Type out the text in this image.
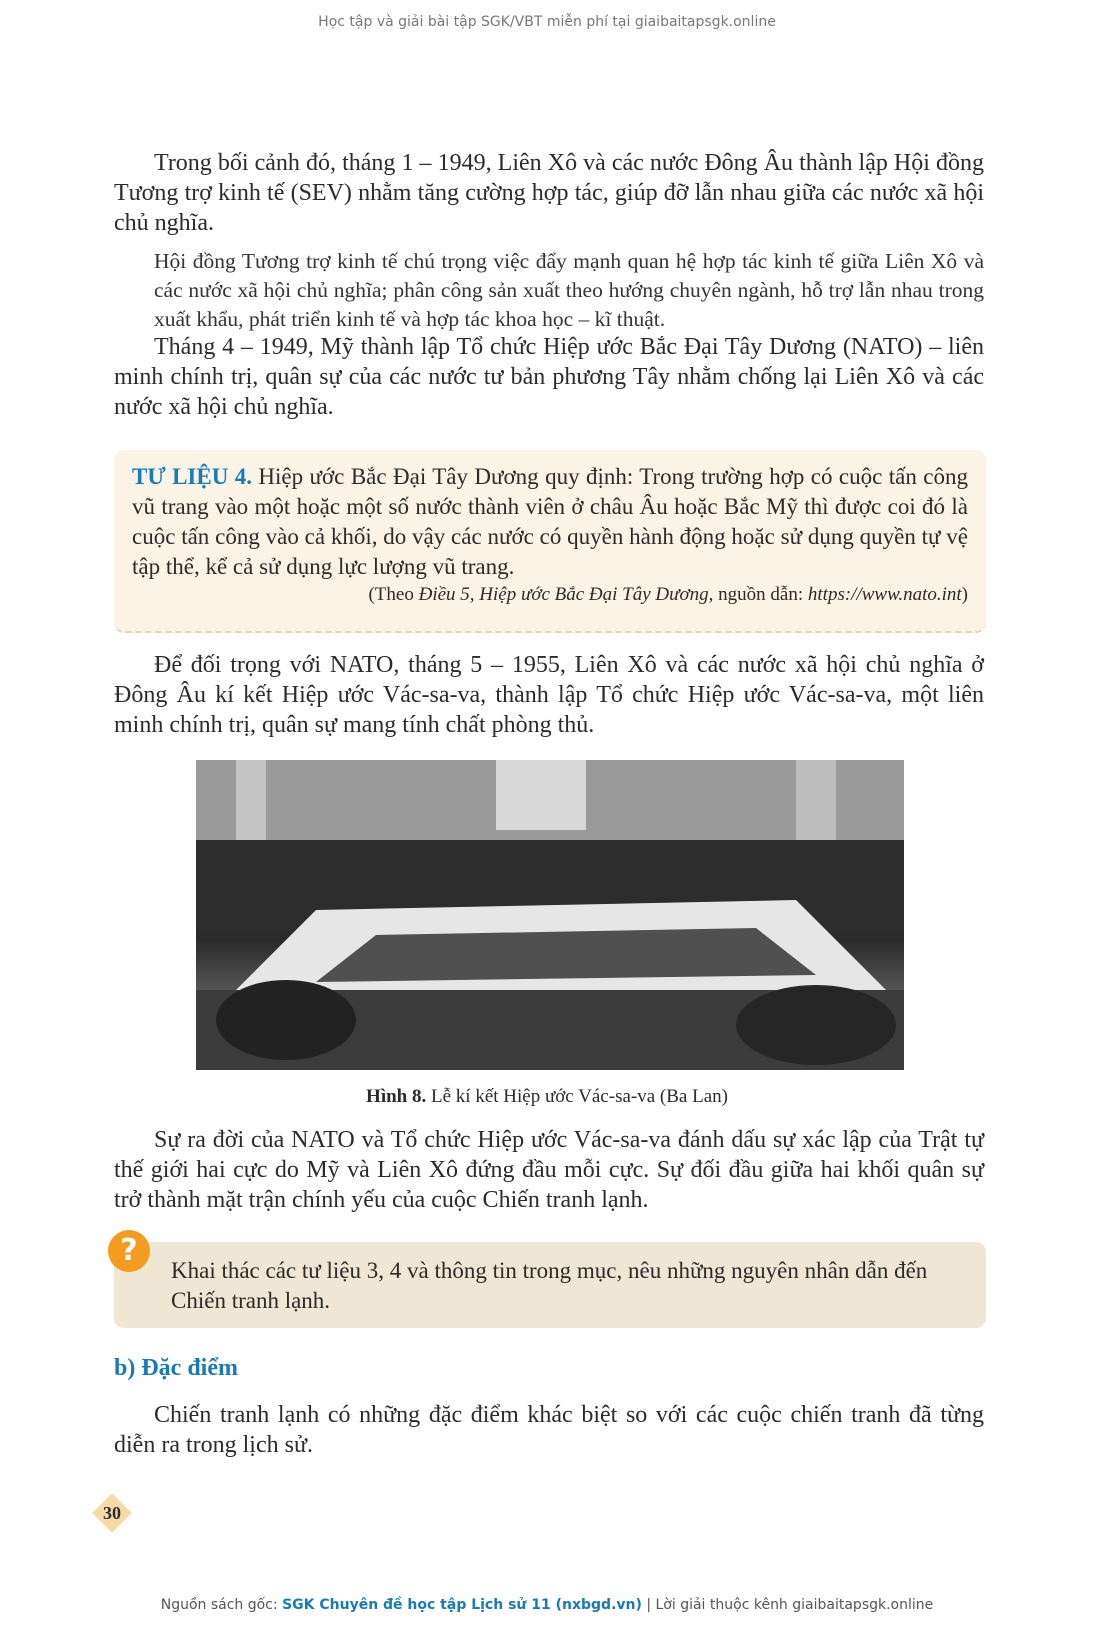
Học tập và giải bài tập SGK/VBT miễn phí tại giaibaitapsgk.online

Trong bối cảnh đó, tháng 1 – 1949, Liên Xô và các nước Đông Âu thành lập Hội đồng Tương trợ kinh tế (SEV) nhằm tăng cường hợp tác, giúp đỡ lẫn nhau giữa các nước xã hội chủ nghĩa.

Hội đồng Tương trợ kinh tế chú trọng việc đẩy mạnh quan hệ hợp tác kinh tế giữa Liên Xô và các nước xã hội chủ nghĩa; phân công sản xuất theo hướng chuyên ngành, hỗ trợ lẫn nhau trong xuất khẩu, phát triển kinh tế và hợp tác khoa học – kĩ thuật.

Tháng 4 – 1949, Mỹ thành lập Tổ chức Hiệp ước Bắc Đại Tây Dương (NATO) – liên minh chính trị, quân sự của các nước tư bản phương Tây nhằm chống lại Liên Xô và các nước xã hội chủ nghĩa.

TƯ LIỆU 4. Hiệp ước Bắc Đại Tây Dương quy định: Trong trường hợp có cuộc tấn công vũ trang vào một hoặc một số nước thành viên ở châu Âu hoặc Bắc Mỹ thì được coi đó là cuộc tấn công vào cả khối, do vậy các nước có quyền hành động hoặc sử dụng quyền tự vệ tập thể, kể cả sử dụng lực lượng vũ trang.

(Theo Điều 5, Hiệp ước Bắc Đại Tây Dương, nguồn dẫn: https://www.nato.int)

Để đối trọng với NATO, tháng 5 – 1955, Liên Xô và các nước xã hội chủ nghĩa ở Đông Âu kí kết Hiệp ước Vác-sa-va, thành lập Tổ chức Hiệp ước Vác-sa-va, một liên minh chính trị, quân sự mang tính chất phòng thủ.

Hình 8. Lễ kí kết Hiệp ước Vác-sa-va (Ba Lan)

Sự ra đời của NATO và Tổ chức Hiệp ước Vác-sa-va đánh dấu sự xác lập của Trật tự thế giới hai cực do Mỹ và Liên Xô đứng đầu mỗi cực. Sự đối đầu giữa hai khối quân sự trở thành mặt trận chính yếu của cuộc Chiến tranh lạnh.

?

Khai thác các tư liệu 3, 4 và thông tin trong mục, nêu những nguyên nhân dẫn đến Chiến tranh lạnh.

b) Đặc điểm

Chiến tranh lạnh có những đặc điểm khác biệt so với các cuộc chiến tranh đã từng diễn ra trong lịch sử.

30
Nguồn sách gốc: SGK Chuyên đề học tập Lịch sử 11 (nxbgd.vn) | Lời giải thuộc kênh giaibaitapsgk.online
